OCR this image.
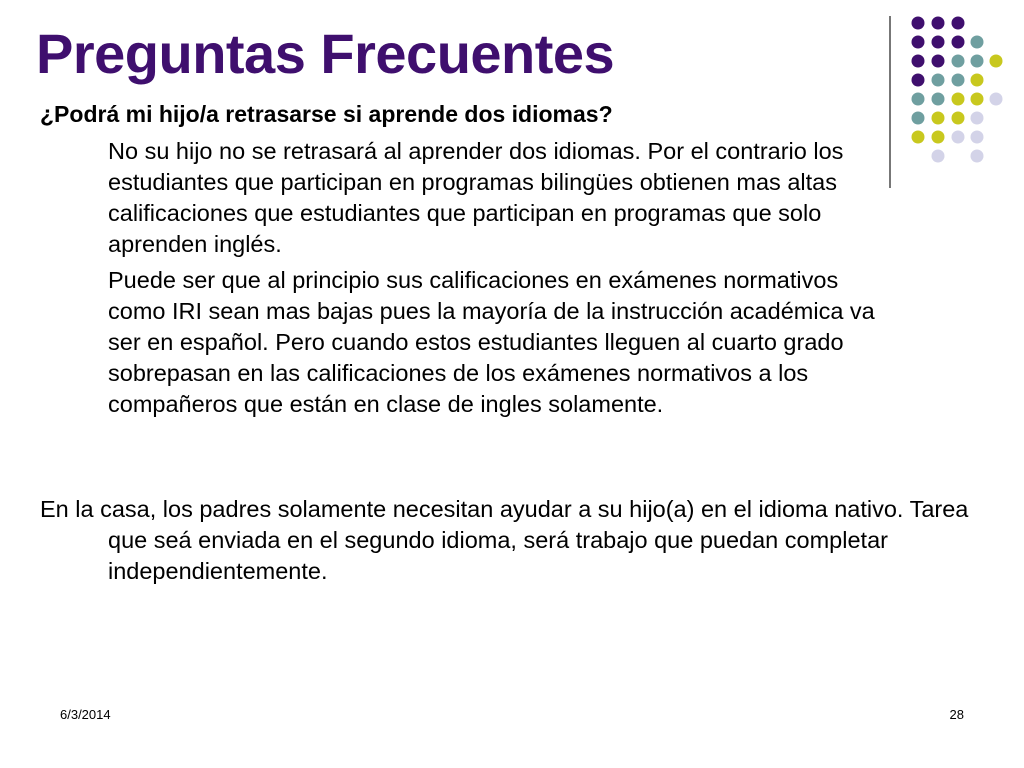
Preguntas Frecuentes

¿Podrá mi hijo/a retrasarse si aprende dos idiomas?

No su hijo no se retrasará al aprender dos idiomas. Por el contrario los estudiantes que participan en programas bilingües obtienen mas altas calificaciones que estudiantes que participan en programas que solo aprenden inglés.

Puede ser que al principio sus calificaciones en exámenes normativos como IRI sean mas bajas pues la mayoría de la instrucción académica va ser en español. Pero cuando estos estudiantes lleguen al cuarto grado sobrepasan en las calificaciones de los exámenes normativos a los compañeros que están en clase de ingles solamente.

En la casa, los padres solamente necesitan ayudar a su hijo(a) en el idioma nativo. Tarea que seá enviada en el segundo idioma, será trabajo que puedan completar independientemente.

6/3/2014	28
